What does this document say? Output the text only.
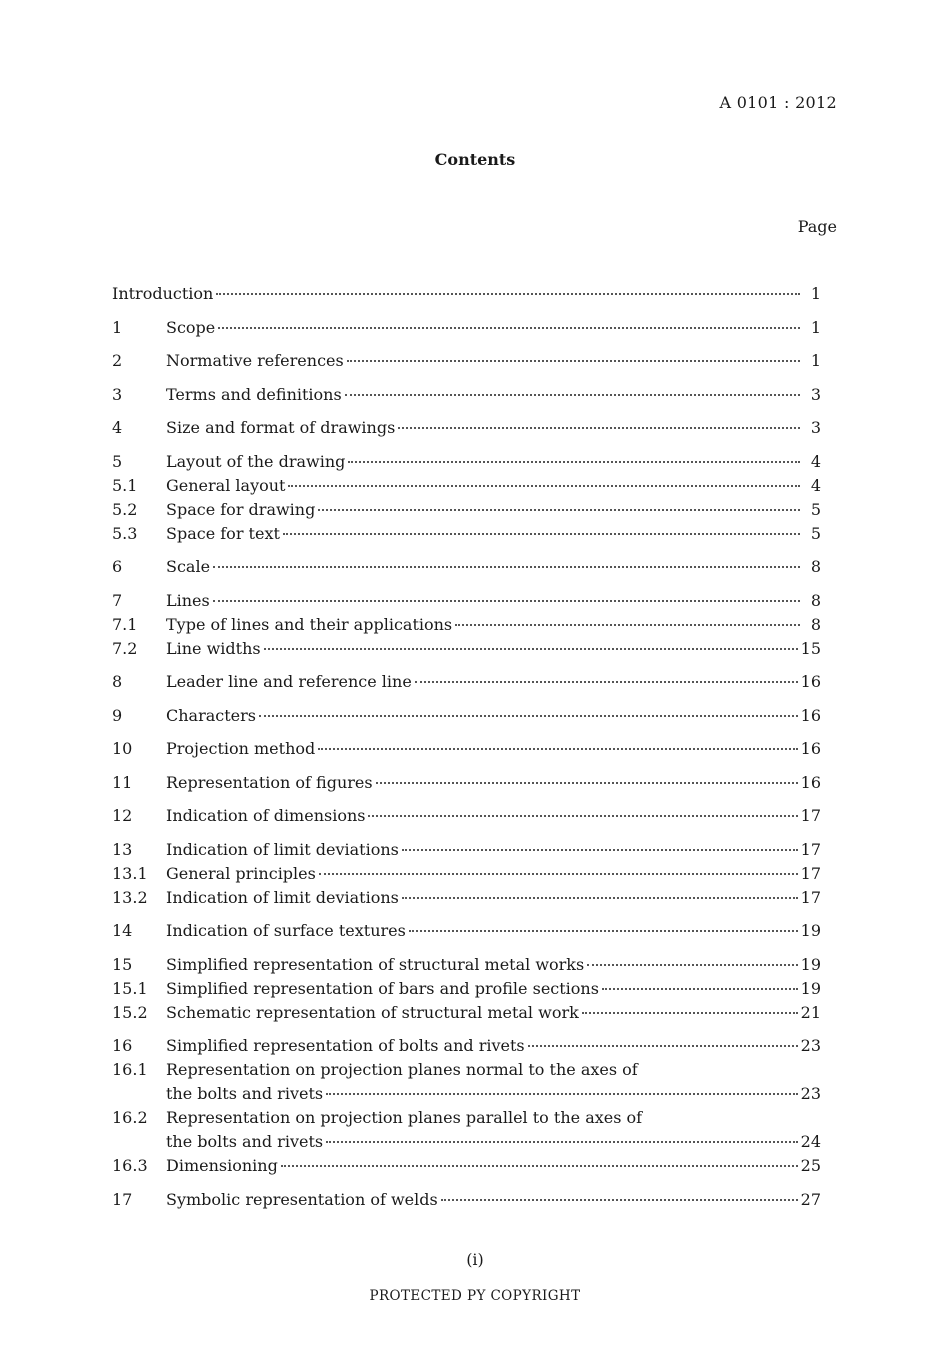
A 0101 : 2012
Contents
Page
Introduction	1
1	Scope	1
2	Normative references	1
3	Terms and definitions	3
4	Size and format of drawings	3
5	Layout of the drawing	4
5.1	General layout	4
5.2	Space for drawing	5
5.3	Space for text	5
6	Scale	8
7	Lines	8
7.1	Type of lines and their applications	8
7.2	Line widths	15
8	Leader line and reference line	16
9	Characters	16
10	Projection method	16
11	Representation of figures	16
12	Indication of dimensions	17
13	Indication of limit deviations	17
13.1	General principles	17
13.2	Indication of limit deviations	17
14	Indication of surface textures	19
15	Simplified representation of structural metal works	19
15.1	Simplified representation of bars and profile sections	19
15.2	Schematic representation of structural metal work	21
16	Simplified representation of bolts and rivets	23
16.1	Representation on projection planes normal to the axes of
the bolts and rivets	23
16.2	Representation on projection planes parallel to the axes of
the bolts and rivets	24
16.3	Dimensioning	25
17	Symbolic representation of welds	27
(i)
PROTECTED PY COPYRIGHT
